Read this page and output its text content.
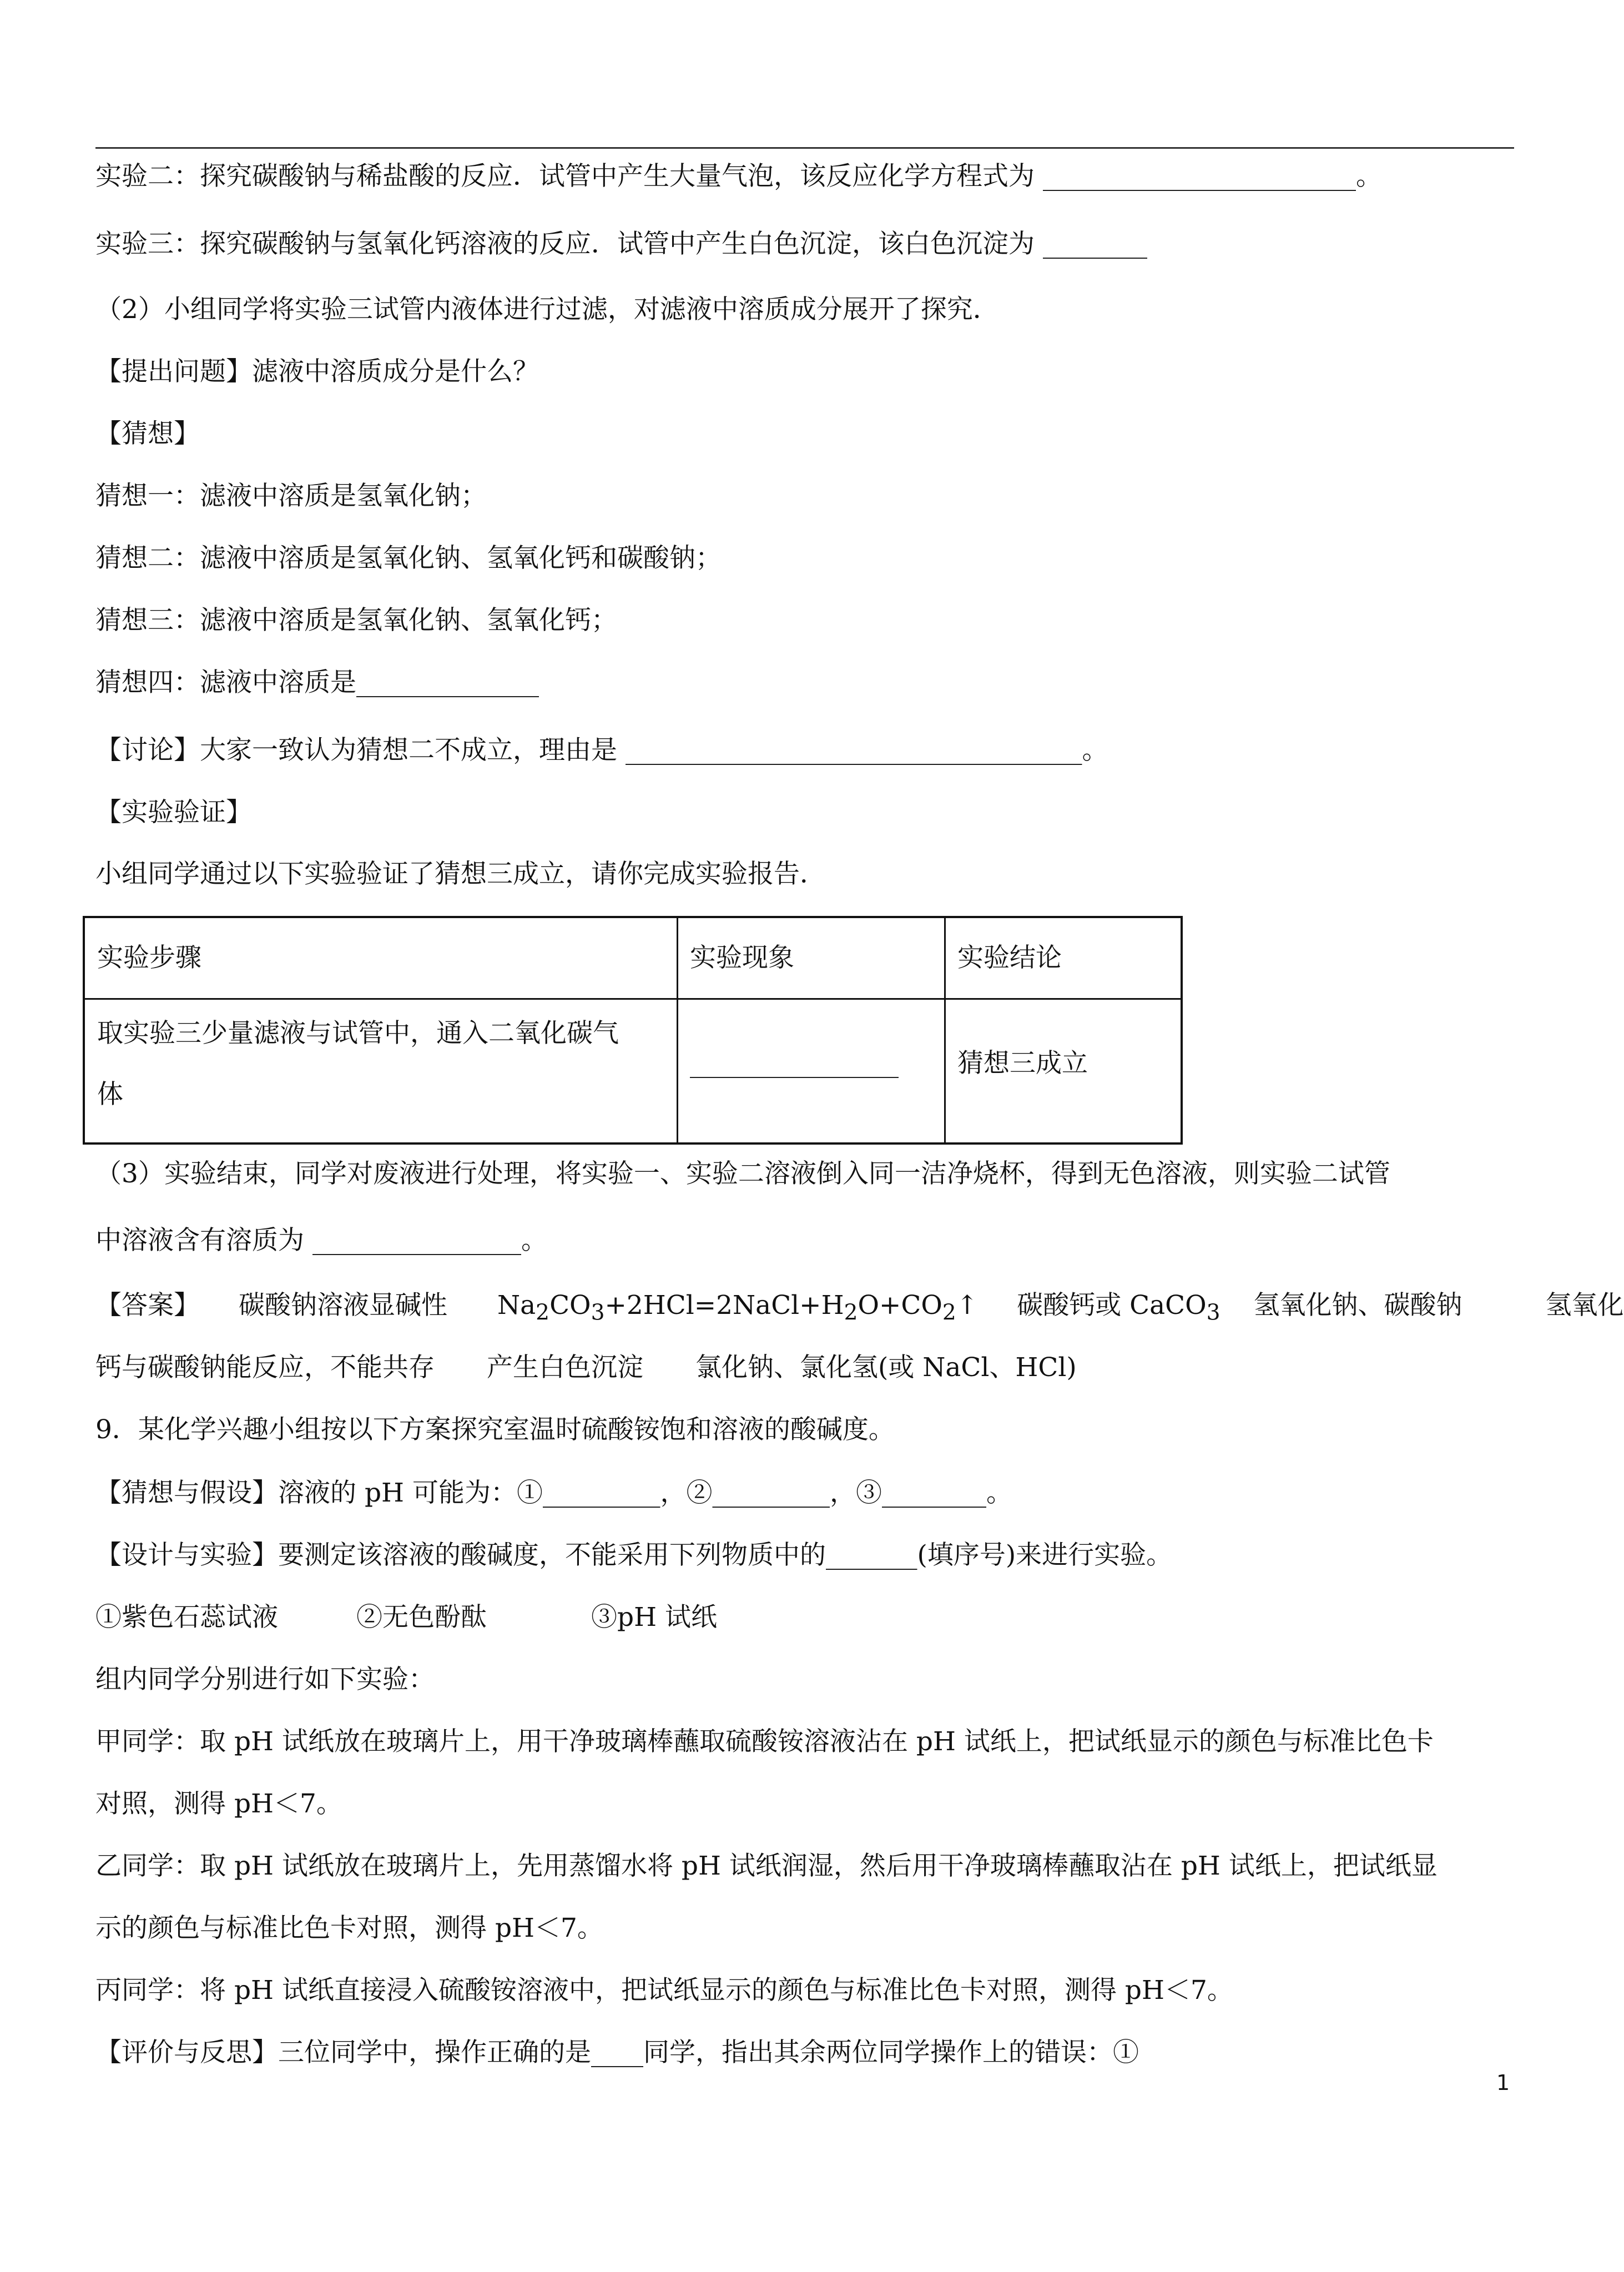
实验二：探究碳酸钠与稀盐酸的反应．试管中产生大量气泡，该反应化学方程式为 ________________________。
实验三：探究碳酸钠与氢氧化钙溶液的反应．试管中产生白色沉淀，该白色沉淀为 ________
（2）小组同学将实验三试管内液体进行过滤，对滤液中溶质成分展开了探究．
【提出问题】滤液中溶质成分是什么？
【猜想】
猜想一：滤液中溶质是氢氧化钠；
猜想二：滤液中溶质是氢氧化钠、氢氧化钙和碳酸钠；
猜想三：滤液中溶质是氢氧化钠、氢氧化钙；
猜想四：滤液中溶质是______________
【讨论】大家一致认为猜想二不成立，理由是 ___________________________________。
【实验验证】
小组同学通过以下实验验证了猜想三成立，请你完成实验报告．
实验步骤	实验现象	实验结论
取实验三少量滤液与试管中，通入二氧化碳气
体
________________ 猜想三成立
（3）实验结束，同学对废液进行处理，将实验一、实验二溶液倒入同一洁净烧杯，得到无色溶液，则实验二试管
中溶液含有溶质为 ________________。
【答案】 碳酸钠溶液显碱性 $Na_2CO_3+2HCl=2NaCl+H_2O+CO_2↑$ 碳酸钙或 CaCO$_3$ 氢氧化钠、碳酸钠	氢氧化
钙与碳酸钠能反应，不能共存　　产生白色沉淀　　氯化钠、氯化氢(或 NaCl、HCl)
9．某化学兴趣小组按以下方案探究室温时硫酸铵饱和溶液的酸碱度。
【猜想与假设】溶液的 pH 可能为：①_________，②_________，③________。
【设计与实验】要测定该溶液的酸碱度，不能采用下列物质中的_______(填序号)来进行实验。
①紫色石蕊试液　　　②无色酚酞　　　　③pH 试纸
组内同学分别进行如下实验：
甲同学：取 pH 试纸放在玻璃片上，用干净玻璃棒蘸取硫酸铵溶液沾在 pH 试纸上，把试纸显示的颜色与标准比色卡
对照，测得 pH＜7。
乙同学：取 pH 试纸放在玻璃片上，先用蒸馏水将 pH 试纸润湿，然后用干净玻璃棒蘸取沾在 pH 试纸上，把试纸显
示的颜色与标准比色卡对照，测得 pH＜7。
丙同学：将 pH 试纸直接浸入硫酸铵溶液中，把试纸显示的颜色与标准比色卡对照，测得 pH＜7。
【评价与反思】三位同学中，操作正确的是____同学，指出其余两位同学操作上的错误：①
1
